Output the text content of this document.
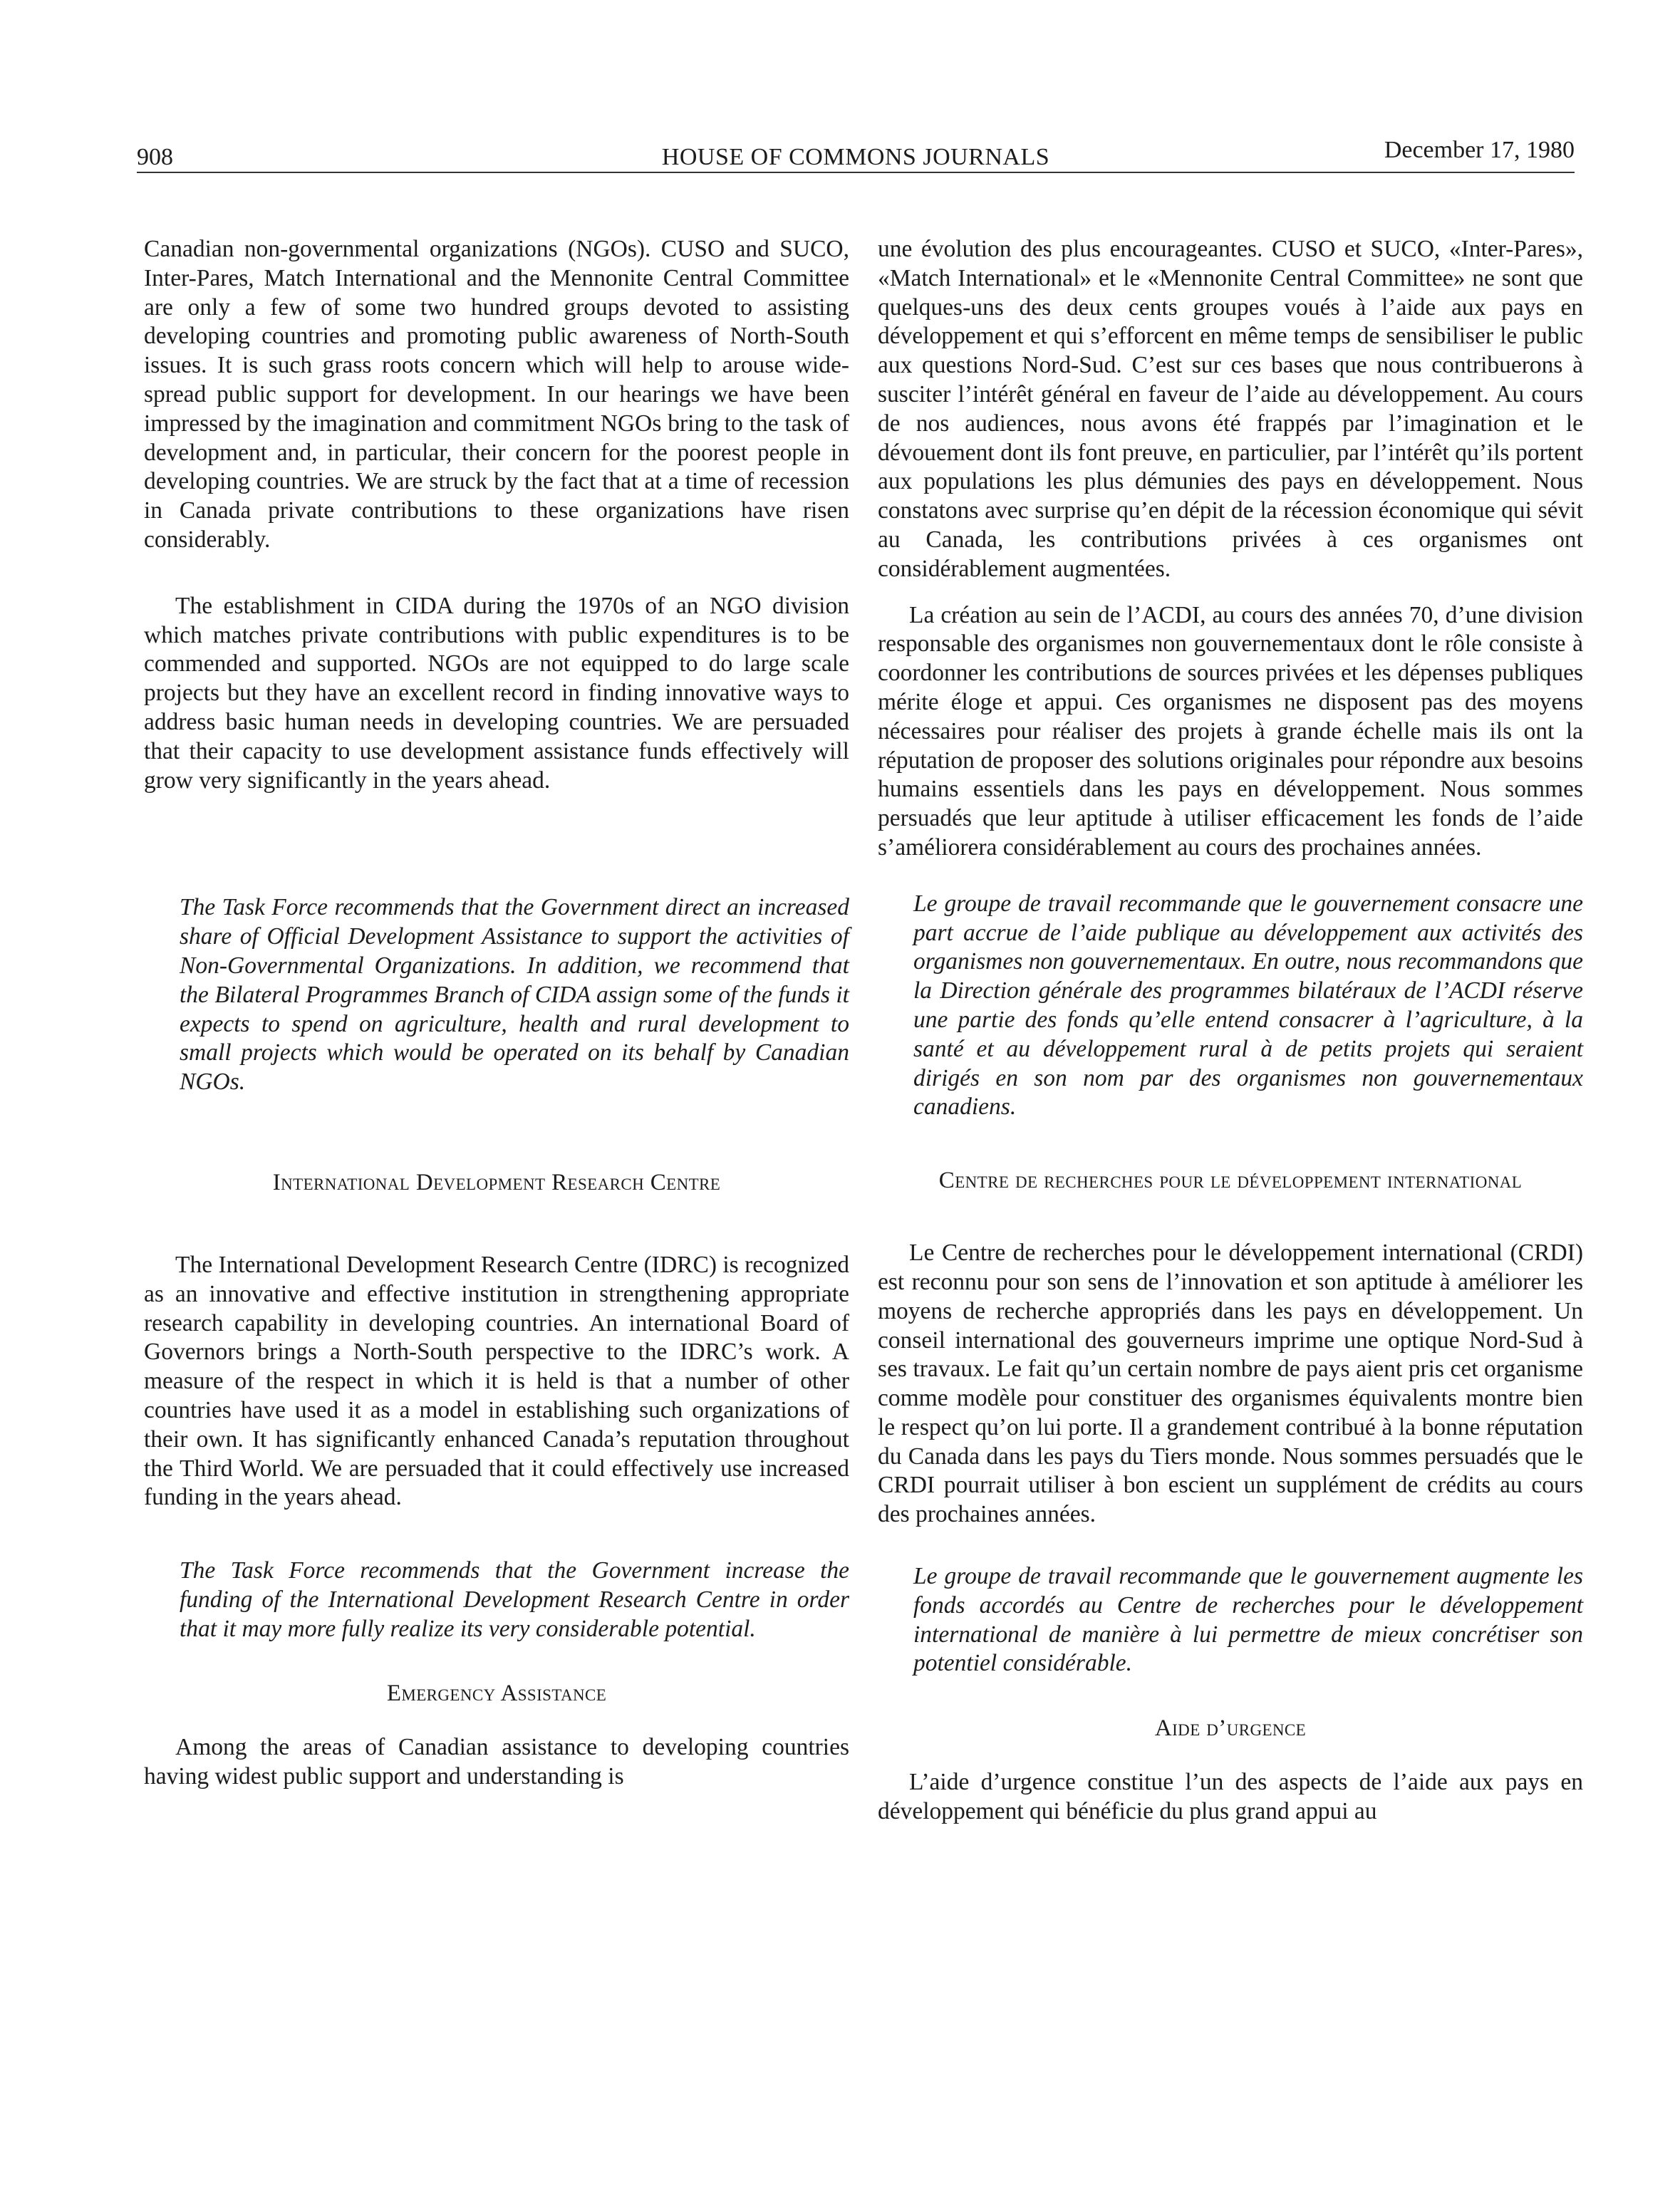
908	HOUSE OF COMMONS JOURNALS	December 17, 1980

Canadian non-governmental organizations (NGOs). CUSO and SUCO, Inter-Pares, Match International and the Mennonite Central Committee are only a few of some two hundred groups devoted to assisting developing countries and promoting public awareness of North-South issues. It is such grass roots concern which will help to arouse wide-spread public support for development. In our hearings we have been impressed by the imagination and commitment NGOs bring to the task of development and, in particular, their concern for the poorest people in developing countries. We are struck by the fact that at a time of recession in Canada private contributions to these organizations have risen considerably.

The establishment in CIDA during the 1970s of an NGO division which matches private contributions with public expenditures is to be commended and supported. NGOs are not equipped to do large scale projects but they have an excellent record in finding innovative ways to address basic human needs in developing countries. We are persuaded that their capacity to use development assistance funds effectively will grow very significantly in the years ahead.

The Task Force recommends that the Government direct an increased share of Official Development Assistance to support the activities of Non-Governmental Organizations. In addition, we recommend that the Bilateral Programmes Branch of CIDA assign some of the funds it expects to spend on agriculture, health and rural development to small projects which would be operated on its behalf by Canadian NGOs.

International Development Research Centre

The International Development Research Centre (IDRC) is recognized as an innovative and effective institution in strengthening appropriate research capability in developing countries. An international Board of Governors brings a North-South perspective to the IDRC’s work. A measure of the respect in which it is held is that a number of other countries have used it as a model in establishing such organizations of their own. It has significantly enhanced Canada’s reputation throughout the Third World. We are persuaded that it could effectively use increased funding in the years ahead.

The Task Force recommends that the Government increase the funding of the International Development Research Centre in order that it may more fully realize its very considerable potential.

Emergency Assistance

Among the areas of Canadian assistance to developing countries having widest public support and understanding is

une évolution des plus encourageantes. CUSO et SUCO, «Inter-Pares», «Match International» et le «Mennonite Central Committee» ne sont que quelques-uns des deux cents groupes voués à l’aide aux pays en développement et qui s’efforcent en même temps de sensibiliser le public aux questions Nord-Sud. C’est sur ces bases que nous contribuerons à susciter l’intérêt général en faveur de l’aide au développement. Au cours de nos audiences, nous avons été frappés par l’imagination et le dévouement dont ils font preuve, en particulier, par l’intérêt qu’ils portent aux populations les plus démunies des pays en développement. Nous constatons avec surprise qu’en dépit de la récession économique qui sévit au Canada, les contributions privées à ces organismes ont considérablement augmentées.

La création au sein de l’ACDI, au cours des années 70, d’une division responsable des organismes non gouvernementaux dont le rôle consiste à coordonner les contributions de sources privées et les dépenses publiques mérite éloge et appui. Ces organismes ne disposent pas des moyens nécessaires pour réaliser des projets à grande échelle mais ils ont la réputation de proposer des solutions originales pour répondre aux besoins humains essentiels dans les pays en développement. Nous sommes persuadés que leur aptitude à utiliser efficacement les fonds de l’aide s’améliorera considérablement au cours des prochaines années.

Le groupe de travail recommande que le gouvernement consacre une part accrue de l’aide publique au développement aux activités des organismes non gouvernementaux. En outre, nous recommandons que la Direction générale des programmes bilatéraux de l’ACDI réserve une partie des fonds qu’elle entend consacrer à l’agriculture, à la santé et au développement rural à de petits projets qui seraient dirigés en son nom par des organismes non gouvernementaux canadiens.

Centre de recherches pour le développement international

Le Centre de recherches pour le développement international (CRDI) est reconnu pour son sens de l’innovation et son aptitude à améliorer les moyens de recherche appropriés dans les pays en développement. Un conseil international des gouverneurs imprime une optique Nord-Sud à ses travaux. Le fait qu’un certain nombre de pays aient pris cet organisme comme modèle pour constituer des organismes équivalents montre bien le respect qu’on lui porte. Il a grandement contribué à la bonne réputation du Canada dans les pays du Tiers monde. Nous sommes persuadés que le CRDI pourrait utiliser à bon escient un supplément de crédits au cours des prochaines années.

Le groupe de travail recommande que le gouvernement augmente les fonds accordés au Centre de recherches pour le développement international de manière à lui permettre de mieux concrétiser son potentiel considérable.

Aide d’urgence

L’aide d’urgence constitue l’un des aspects de l’aide aux pays en développement qui bénéficie du plus grand appui au
